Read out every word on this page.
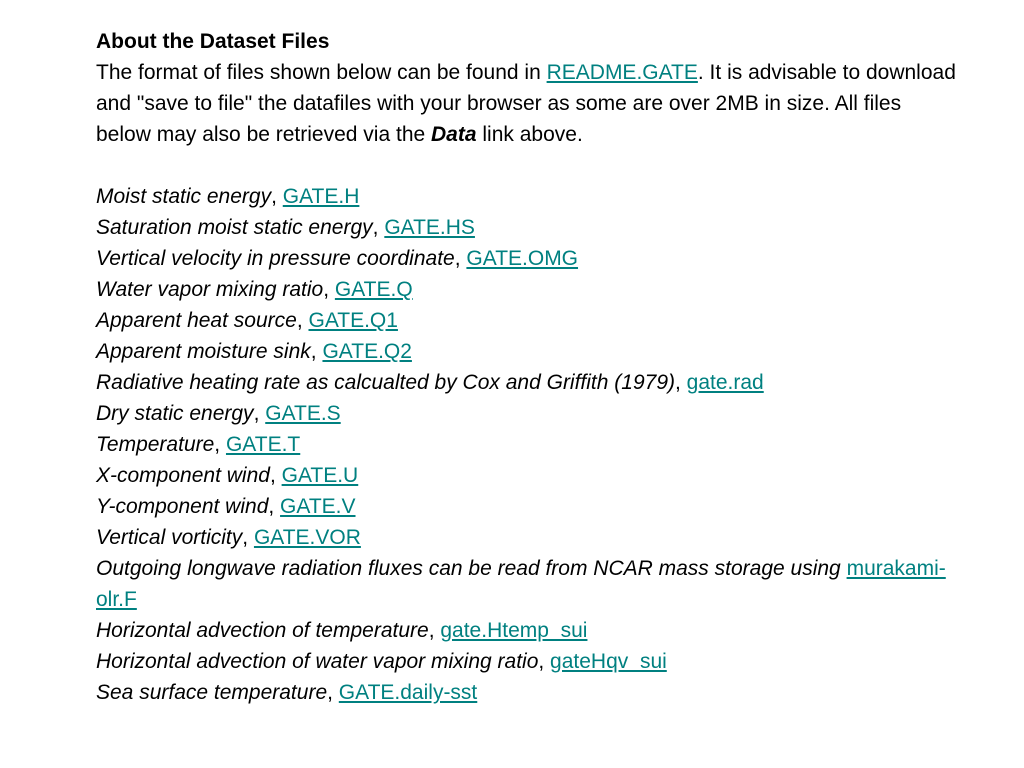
About the Dataset Files
The format of files shown below can be found in README.GATE. It is advisable to download and "save to file" the datafiles with your browser as some are over 2MB in size. All files below may also be retrieved via the Data link above.
Moist static energy, GATE.H
Saturation moist static energy, GATE.HS
Vertical velocity in pressure coordinate, GATE.OMG
Water vapor mixing ratio, GATE.Q
Apparent heat source, GATE.Q1
Apparent moisture sink, GATE.Q2
Radiative heating rate as calcualted by Cox and Griffith (1979), gate.rad
Dry static energy, GATE.S
Temperature, GATE.T
X-component wind, GATE.U
Y-component wind, GATE.V
Vertical vorticity, GATE.VOR
Outgoing longwave radiation fluxes can be read from NCAR mass storage using murakami-olr.F
Horizontal advection of temperature, gate.Htemp_sui
Horizontal advection of water vapor mixing ratio, gateHqv_sui
Sea surface temperature, GATE.daily-sst
